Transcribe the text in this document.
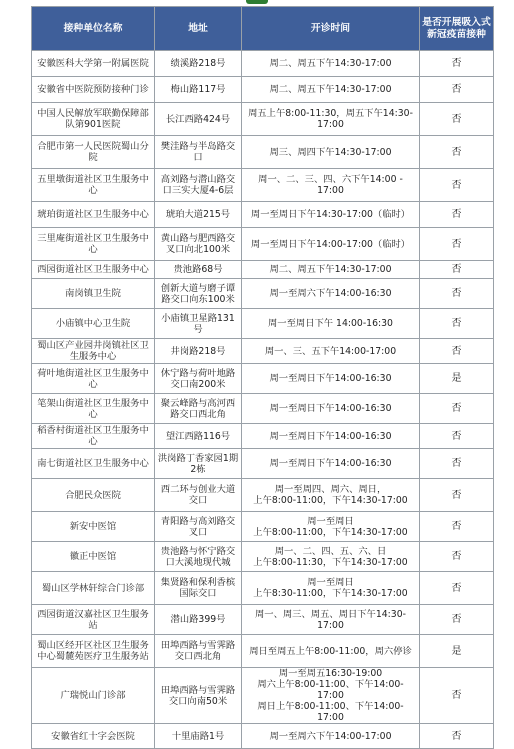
接种单位名称	地址	开诊时间	是否开展吸入式新冠疫苗接种
安徽医科大学第一附属医院	绩溪路218号	周二、周五下午14:30-17:00	否
安徽省中医院预防接种门诊	梅山路117号	周二、周五下午14:30-17:00	否
中国人民解放军联勤保障部队第901医院	长江西路424号	周五上午8:00-11:30，周五下午14:30-17:00	否
合肥市第一人民医院蜀山分院	樊洼路与半岛路交口	周三、周四下午14:30-17:00	否
五里墩街道社区卫生服务中心	高刘路与潜山路交口三实大厦4-6层	周一、二、三、四、六下午14:00 - 17:00	否
琥珀街道社区卫生服务中心	琥珀大道215号	周一至周日下午14:30-17:00（临时）	否
三里庵街道社区卫生服务中心	黄山路与肥西路交叉口向北100米	周一至周日下午14:00-17:00（临时）	否
西园街道社区卫生服务中心	贵池路68号	周二、周五下午14:30-17:00	否
南岗镇卫生院	创新大道与磨子谭路交口向东100米	周一至周六下午14:00-16:30	否
小庙镇中心卫生院	小庙镇卫星路131号	周一至周日下午 14:00-16:30	否
蜀山区产业园井岗镇社区卫生服务中心	井岗路218号	周一、三、五下午14:00-17:00	否
荷叶地街道社区卫生服务中心	休宁路与荷叶地路交口南200米	周一至周日下午14:00-16:30	是
笔架山街道社区卫生服务中心	聚云峰路与高河西路交口西北角	周一至周日下午14:00-16:30	否
稻香村街道社区卫生服务中心	望江西路116号	周一至周日下午14:00-16:30	否
南七街道社区卫生服务中心	洪岗路丁香家园1期2栋	周一至周日下午14:00-16:30	否
合肥民众医院	西二环与创业大道交口	周一至周四、周六、周日，
上午8:00-11:00，下午14:30-17:00	否
新安中医馆	青阳路与高刘路交叉口	周一至周日
上午8:00-11:00，下午14:30-17:00	否
徽正中医馆	贵池路与怀宁路交口大溪地现代城	周一、二、四、五、六、日
上午8:00-11:30，下午14:30-17:00	否
蜀山区学林轩综合门诊部	集贤路和保利香槟国际交口	周一至周日
上午8:30-11:00，下午14:30-17:00	否
西园街道汉嘉社区卫生服务站	潜山路399号	周一、周三、周五、周日下午14:30-17:00	否
蜀山区经开区社区卫生服务中心蜀麓苑医疗卫生服务站	田埠西路与雪霁路交口西北角	周日至周五上午8:00-11:00，周六停诊	是
广瑞悦山门诊部	田埠西路与雪霁路交口向南50米	周一至周五16:30-19:00
周六上午8:00-11:00、下午14:00-17:00
周日上午8:00-11:00、下午14:00-17:00	否
安徽省红十字会医院	十里庙路1号	周一至周六下午14:00-17:00	否
